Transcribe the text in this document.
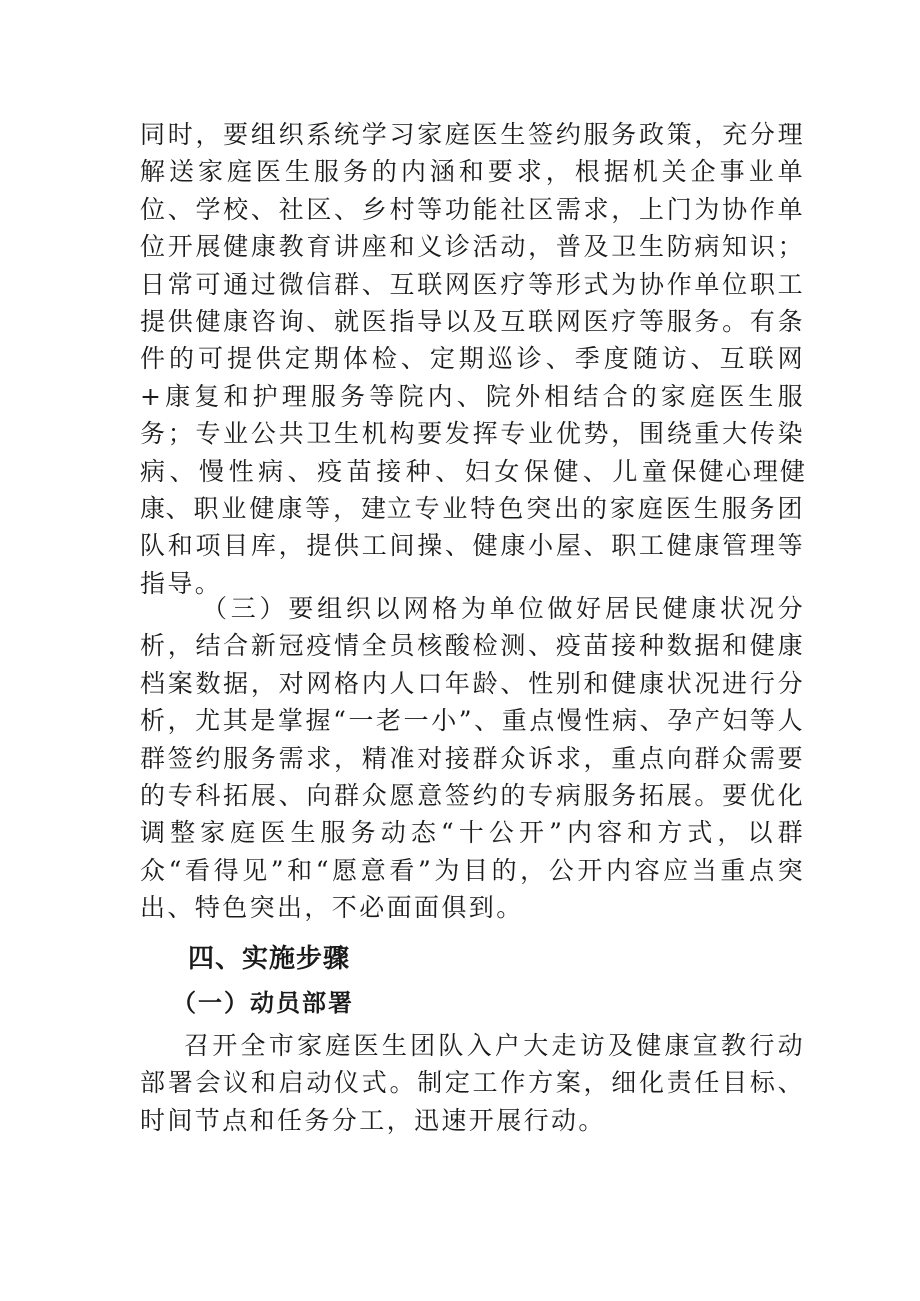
同时，要组织系统学习家庭医生签约服务政策，充分理解送家庭医生服务的内涵和要求，根据机关企事业单位、学校、社区、乡村等功能社区需求，上门为协作单位开展健康教育讲座和义诊活动，普及卫生防病知识；日常可通过微信群、互联网医疗等形式为协作单位职工提供健康咨询、就医指导以及互联网医疗等服务。有条件的可提供定期体检、定期巡诊、季度随访、互联网+康复和护理服务等院内、院外相结合的家庭医生服务；专业公共卫生机构要发挥专业优势，围绕重大传染病、慢性病、疫苗接种、妇女保健、儿童保健心理健康、职业健康等，建立专业特色突出的家庭医生服务团队和项目库，提供工间操、健康小屋、职工健康管理等指导。

（三）要组织以网格为单位做好居民健康状况分析，结合新冠疫情全员核酸检测、疫苗接种数据和健康档案数据，对网格内人口年龄、性别和健康状况进行分析，尤其是掌握“一老一小”、重点慢性病、孕产妇等人群签约服务需求，精准对接群众诉求，重点向群众需要的专科拓展、向群众愿意签约的专病服务拓展。要优化调整家庭医生服务动态“十公开”内容和方式，以群众“看得见”和“愿意看”为目的，公开内容应当重点突出、特色突出，不必面面俱到。

四、实施步骤
（一）动员部署

召开全市家庭医生团队入户大走访及健康宣教行动部署会议和启动仪式。制定工作方案，细化责任目标、时间节点和任务分工，迅速开展行动。
